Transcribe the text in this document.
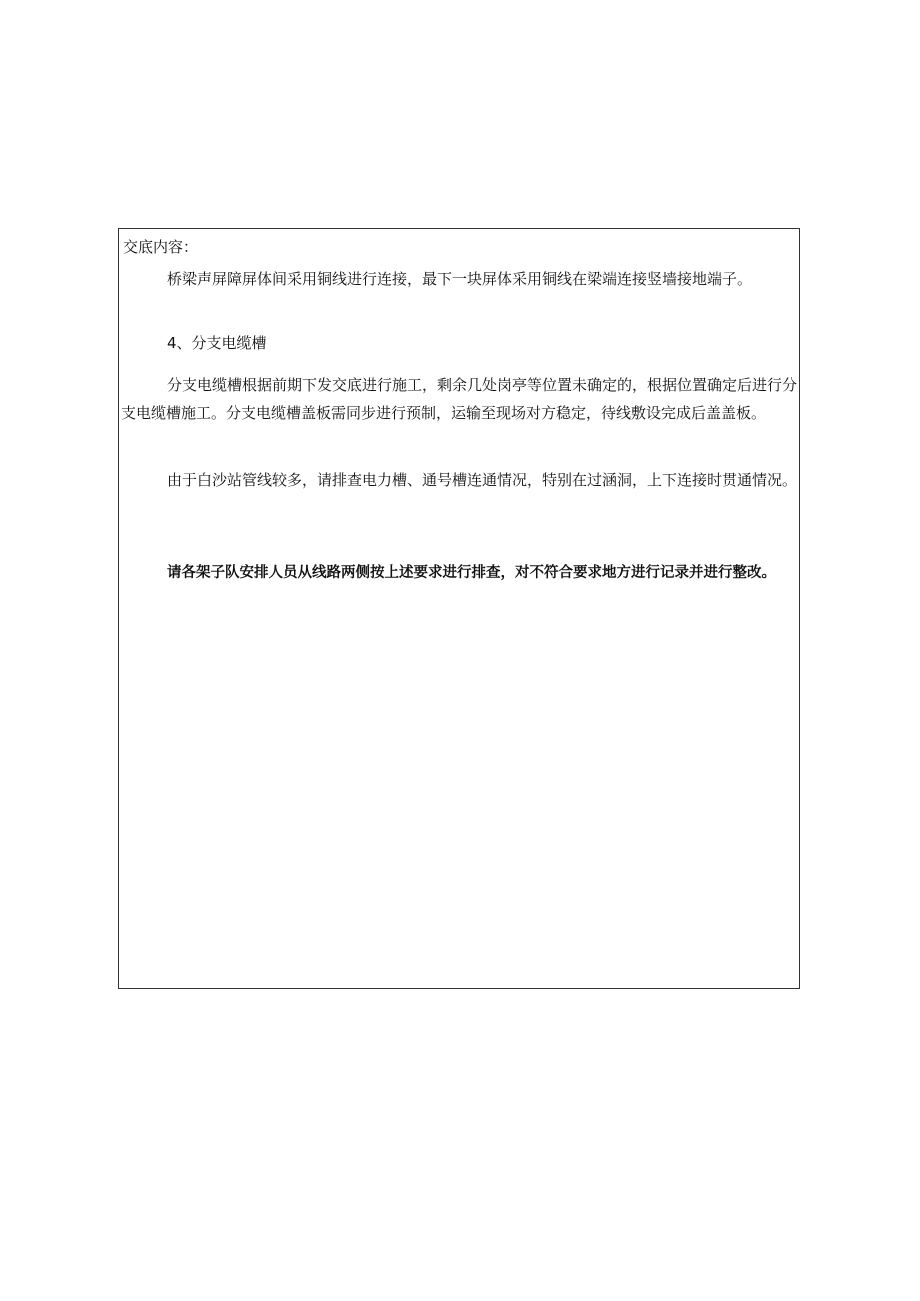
交底内容：

桥梁声屏障屏体间采用铜线进行连接，最下一块屏体采用铜线在梁端连接竖墙接地端子。

4、分支电缆槽

分支电缆槽根据前期下发交底进行施工，剩余几处岗亭等位置未确定的，根据位置确定后进行分支电缆槽施工。分支电缆槽盖板需同步进行预制，运输至现场对方稳定，待线敷设完成后盖盖板。

由于白沙站管线较多，请排查电力槽、通号槽连通情况，特别在过涵洞，上下连接时贯通情况。

请各架子队安排人员从线路两侧按上述要求进行排查，对不符合要求地方进行记录并进行整改。
